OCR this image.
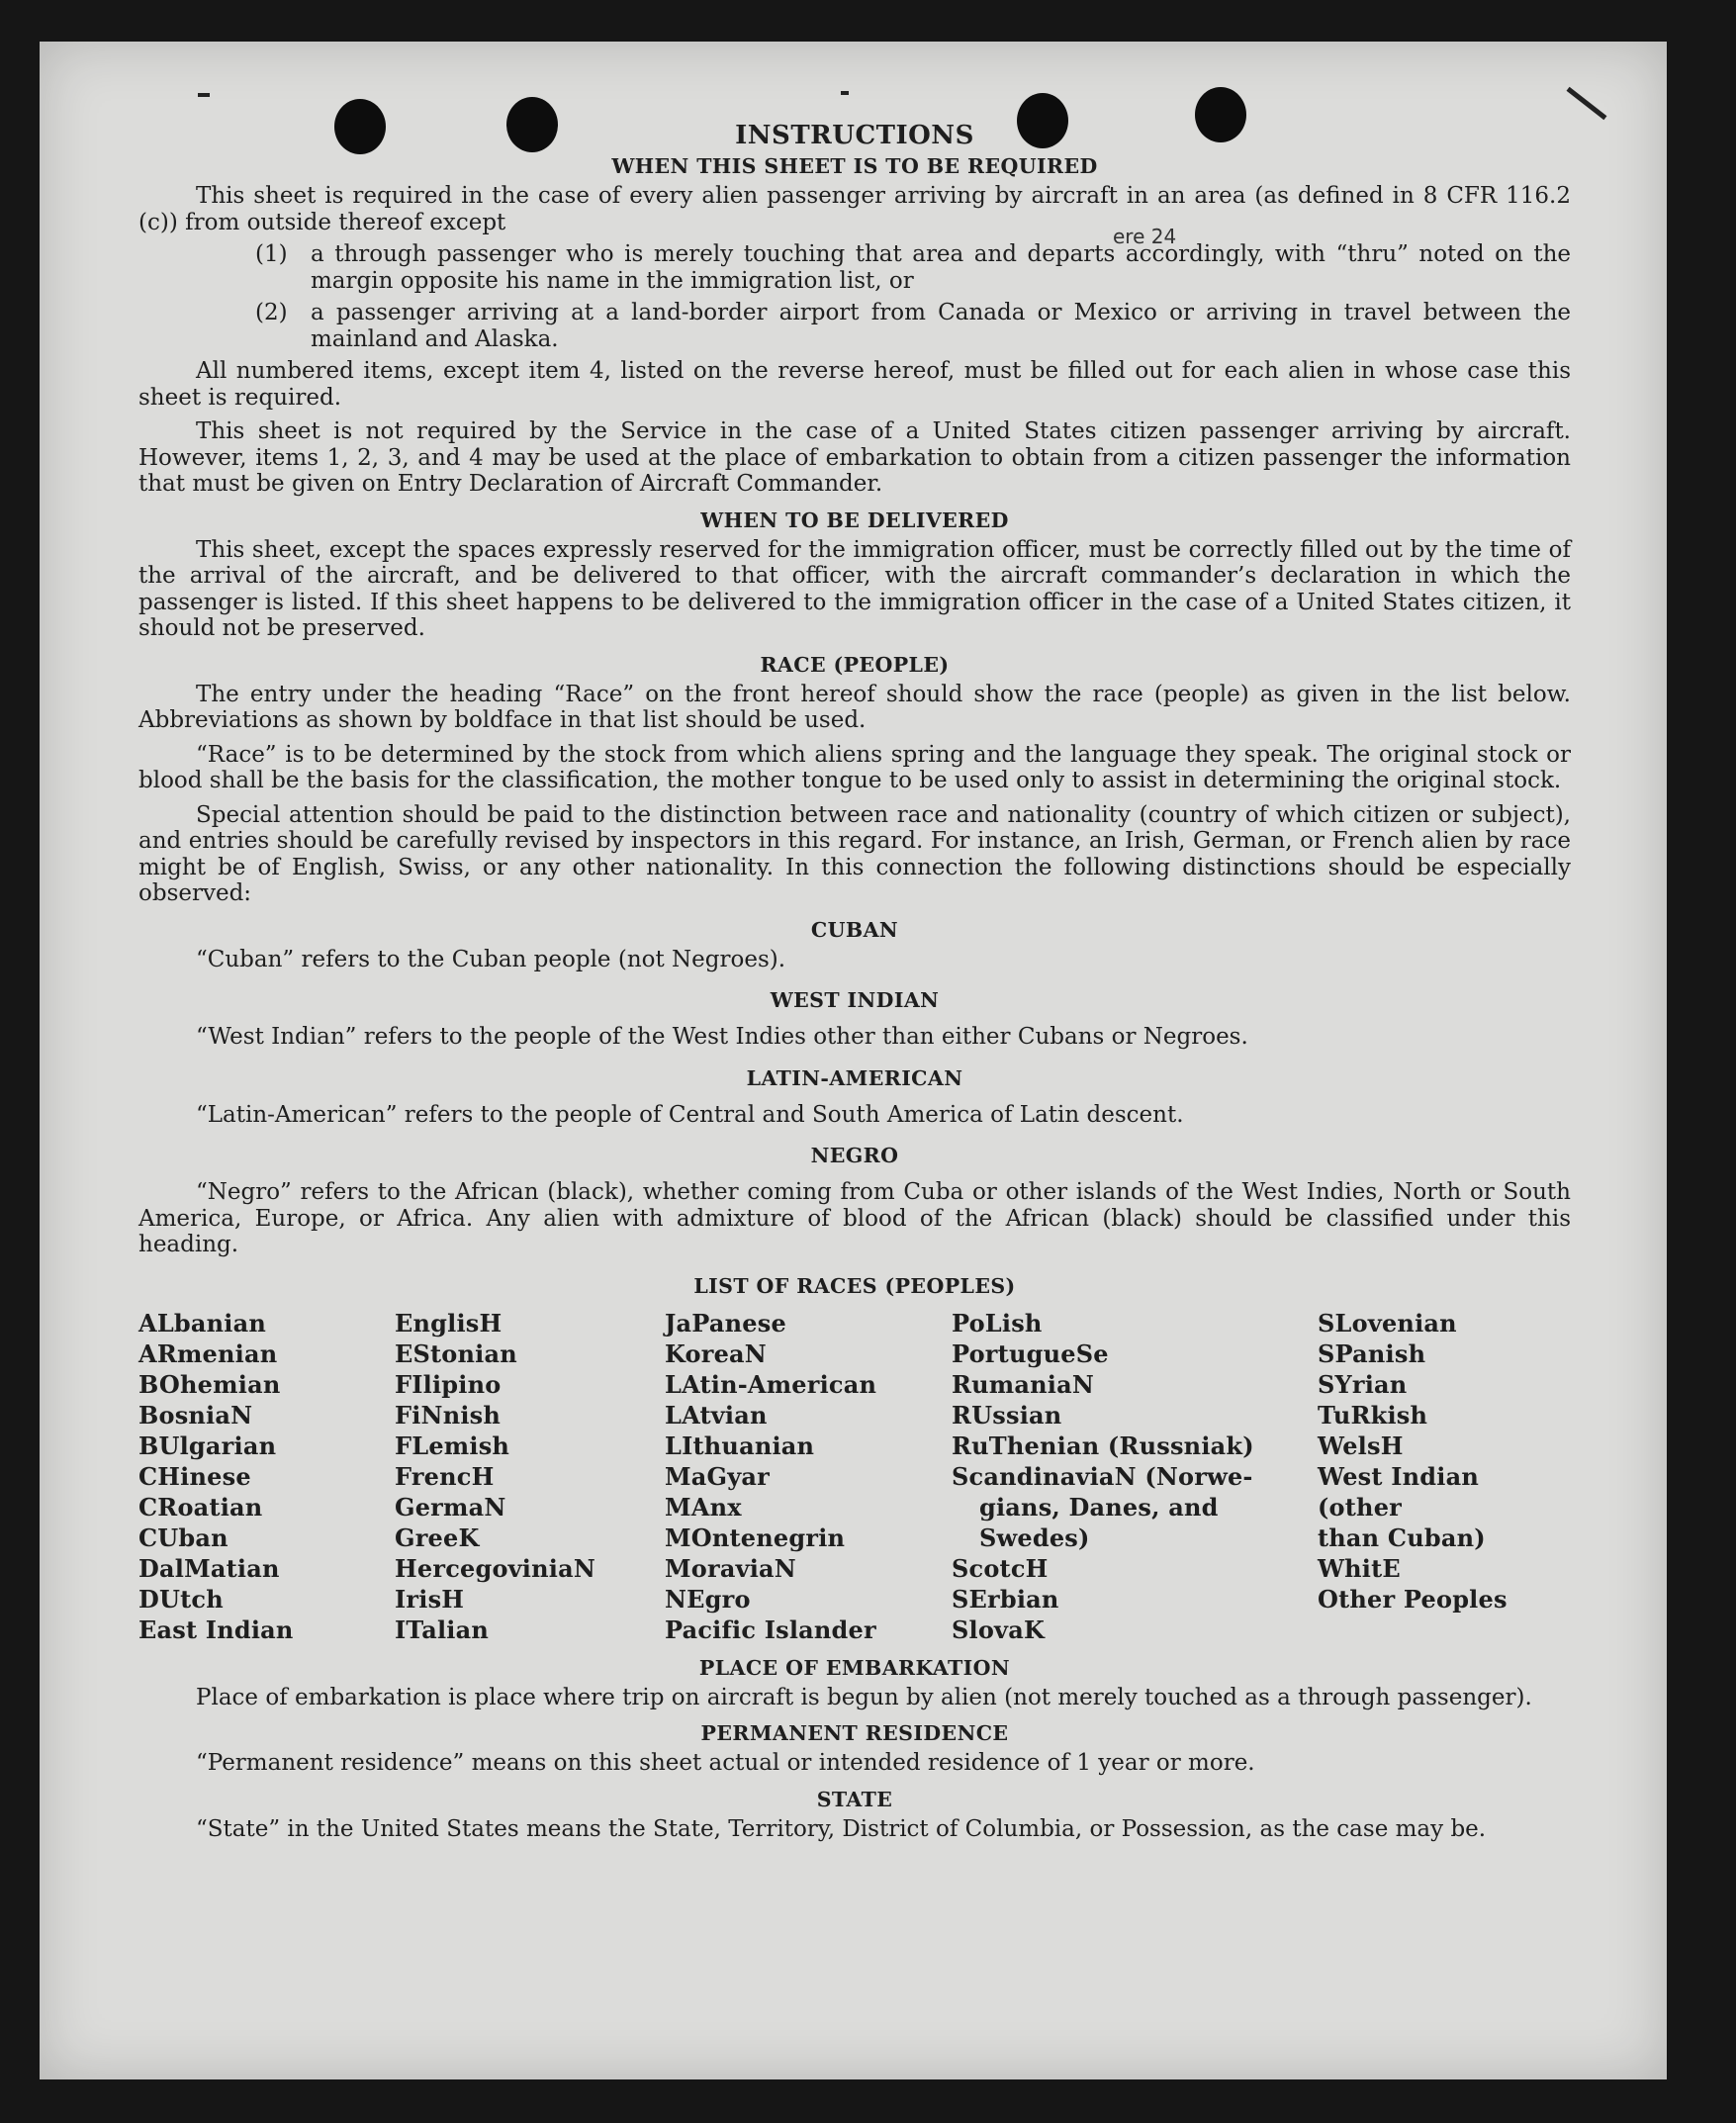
ere 24
INSTRUCTIONS
WHEN THIS SHEET IS TO BE REQUIRED

This sheet is required in the case of every alien passenger arriving by aircraft in an area (as defined in 8 CFR 116.2 (c)) from outside thereof except

(1)	a through passenger who is merely touching that area and departs accordingly, with “thru” noted on the margin opposite his name in the immigration list, or
(2)	a passenger arriving at a land-border airport from Canada or Mexico or arriving in travel between the mainland and Alaska.

All numbered items, except item 4, listed on the reverse hereof, must be filled out for each alien in whose case this sheet is required.

This sheet is not required by the Service in the case of a United States citizen passenger arriving by aircraft. However, items 1, 2, 3, and 4 may be used at the place of embarkation to obtain from a citizen passenger the information that must be given on Entry Declaration of Aircraft Commander.

WHEN TO BE DELIVERED

This sheet, except the spaces expressly reserved for the immigration officer, must be correctly filled out by the time of the arrival of the aircraft, and be delivered to that officer, with the aircraft commander’s declaration in which the passenger is listed. If this sheet happens to be delivered to the immigration officer in the case of a United States citizen, it should not be preserved.

RACE (PEOPLE)

The entry under the heading “Race” on the front hereof should show the race (people) as given in the list below. Abbreviations as shown by boldface in that list should be used.

“Race” is to be determined by the stock from which aliens spring and the language they speak. The original stock or blood shall be the basis for the classification, the mother tongue to be used only to assist in determining the original stock.

Special attention should be paid to the distinction between race and nationality (country of which citizen or subject), and entries should be carefully revised by inspectors in this regard. For instance, an Irish, German, or French alien by race might be of English, Swiss, or any other nationality. In this connection the following distinctions should be especially observed:

CUBAN

“Cuban” refers to the Cuban people (not Negroes).

WEST INDIAN

“West Indian” refers to the people of the West Indies other than either Cubans or Negroes.

LATIN-AMERICAN

“Latin-American” refers to the people of Central and South America of Latin descent.

NEGRO

“Negro” refers to the African (black), whether coming from Cuba or other islands of the West Indies, North or South America, Europe, or Africa. Any alien with admixture of blood of the African (black) should be classified under this heading.

LIST OF RACES (PEOPLES)
ALbanian
ARmenian
BOhemian
BosniaN
BUlgarian
CHinese
CRoatian
CUban
DalMatian
DUtch
East Indian
EnglisH
EStonian
FIlipino
FiNnish
FLemish
FrencH
GermaN
GreeK
HercegoviniaN
IrisH
ITalian
JaPanese
KoreaN
LAtin-American
LAtvian
LIthuanian
MaGyar
MAnx
MOntenegrin
MoraviaN
NEgro
Pacific Islander
PoLish
PortugueSe
RumaniaN
RUssian
RuThenian (Russniak)
ScandinaviaN (Norwe-
gians, Danes, and
Swedes)
ScotcH
SErbian
SlovaK
SLovenian
SPanish
SYrian
TuRkish
WelsH
West Indian (other
than Cuban)
WhitE
Other Peoples
PLACE OF EMBARKATION

Place of embarkation is place where trip on aircraft is begun by alien (not merely touched as a through passenger).

PERMANENT RESIDENCE

“Permanent residence” means on this sheet actual or intended residence of 1 year or more.

STATE

“State” in the United States means the State, Territory, District of Columbia, or Possession, as the case may be.
